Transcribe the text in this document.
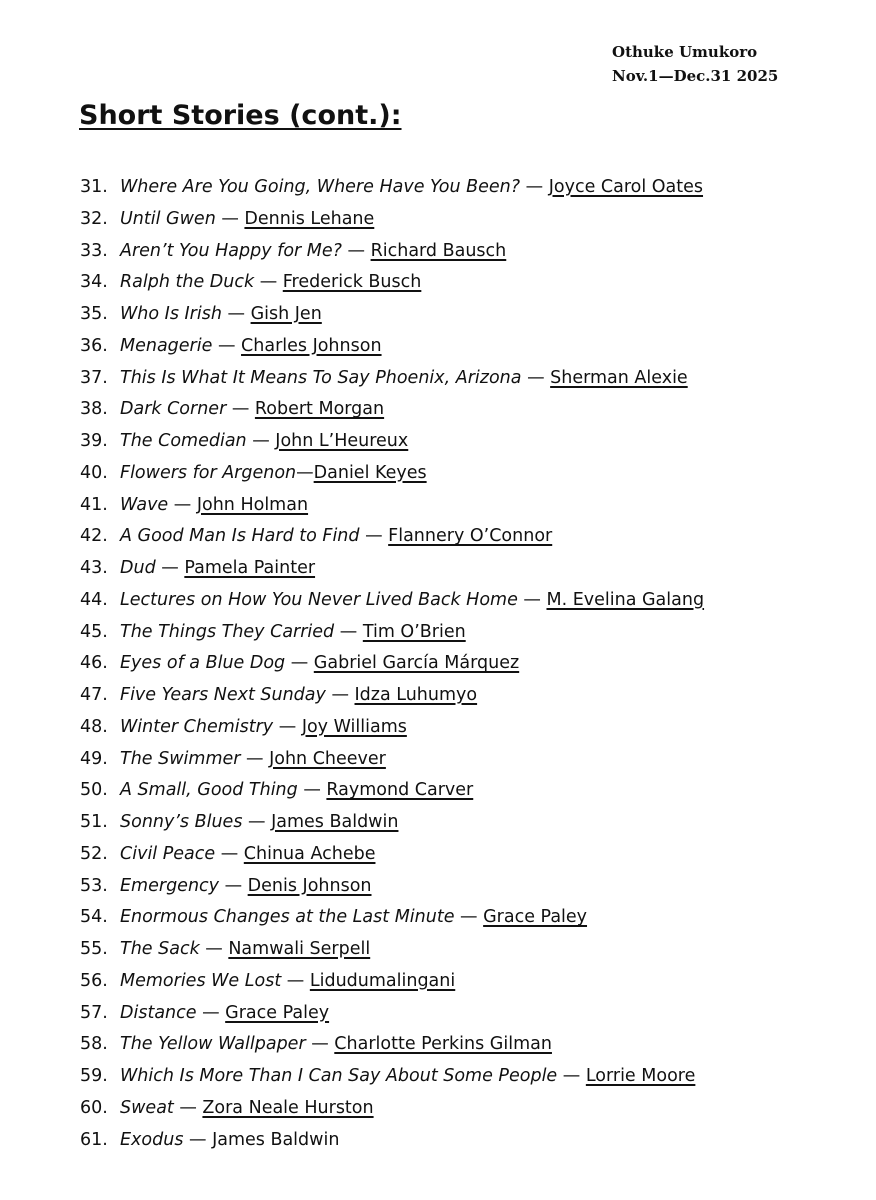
Othuke Umukoro
Nov.1—Dec.31 2025
Short Stories (cont.):
31. Where Are You Going, Where Have You Been? — Joyce Carol Oates
32. Until Gwen — Dennis Lehane
33. Aren’t You Happy for Me? — Richard Bausch
34. Ralph the Duck — Frederick Busch
35. Who Is Irish — Gish Jen
36. Menagerie — Charles Johnson
37. This Is What It Means To Say Phoenix, Arizona — Sherman Alexie
38. Dark Corner — Robert Morgan
39. The Comedian — John L’Heureux
40. Flowers for Argenon—Daniel Keyes
41. Wave — John Holman
42. A Good Man Is Hard to Find — Flannery O’Connor
43. Dud — Pamela Painter
44. Lectures on How You Never Lived Back Home — M. Evelina Galang
45. The Things They Carried — Tim O’Brien
46. Eyes of a Blue Dog — Gabriel García Márquez
47. Five Years Next Sunday — Idza Luhumyo
48. Winter Chemistry — Joy Williams
49. The Swimmer — John Cheever
50. A Small, Good Thing — Raymond Carver
51. Sonny’s Blues — James Baldwin
52. Civil Peace — Chinua Achebe
53. Emergency — Denis Johnson
54. Enormous Changes at the Last Minute — Grace Paley
55. The Sack — Namwali Serpell
56. Memories We Lost — Lidudumalingani
57. Distance — Grace Paley
58. The Yellow Wallpaper — Charlotte Perkins Gilman
59. Which Is More Than I Can Say About Some People — Lorrie Moore
60. Sweat — Zora Neale Hurston
61. Exodus — James Baldwin
